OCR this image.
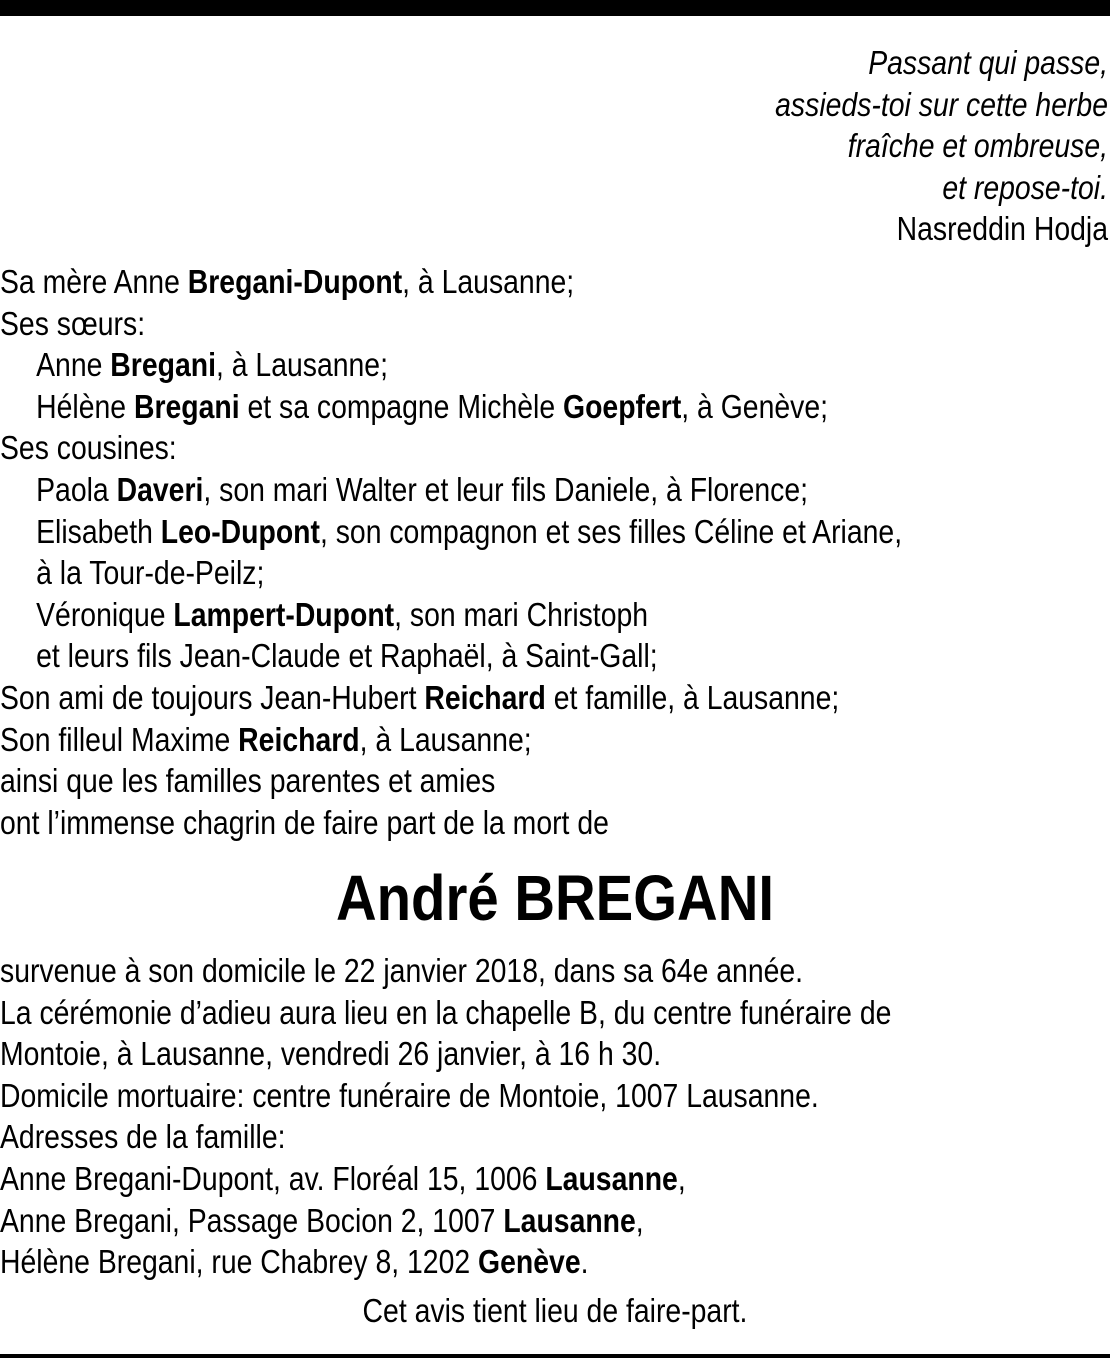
Passant qui passe,
assieds-toi sur cette herbe
fraîche et ombreuse,
et repose-toi.
Nasreddin Hodja
Sa mère Anne Bregani-Dupont, à Lausanne;
Ses sœurs:
Anne Bregani, à Lausanne;
Hélène Bregani et sa compagne Michèle Goepfert, à Genève;
Ses cousines:
Paola Daveri, son mari Walter et leur fils Daniele, à Florence;
Elisabeth Leo-Dupont, son compagnon et ses filles Céline et Ariane,
à la Tour-de-Peilz;
Véronique Lampert-Dupont, son mari Christoph
et leurs fils Jean-Claude et Raphaël, à Saint-Gall;
Son ami de toujours Jean-Hubert Reichard et famille, à Lausanne;
Son filleul Maxime Reichard, à Lausanne;
ainsi que les familles parentes et amies
ont l’immense chagrin de faire part de la mort de
André BREGANI
survenue à son domicile le 22 janvier 2018, dans sa 64e année.
La cérémonie d’adieu aura lieu en la chapelle B, du centre funéraire de
Montoie, à Lausanne, vendredi 26 janvier, à 16 h 30.
Domicile mortuaire: centre funéraire de Montoie, 1007 Lausanne.
Adresses de la famille:
Anne Bregani-Dupont, av. Floréal 15, 1006 Lausanne,
Anne Bregani, Passage Bocion 2, 1007 Lausanne,
Hélène Bregani, rue Chabrey 8, 1202 Genève.
Cet avis tient lieu de faire-part.
